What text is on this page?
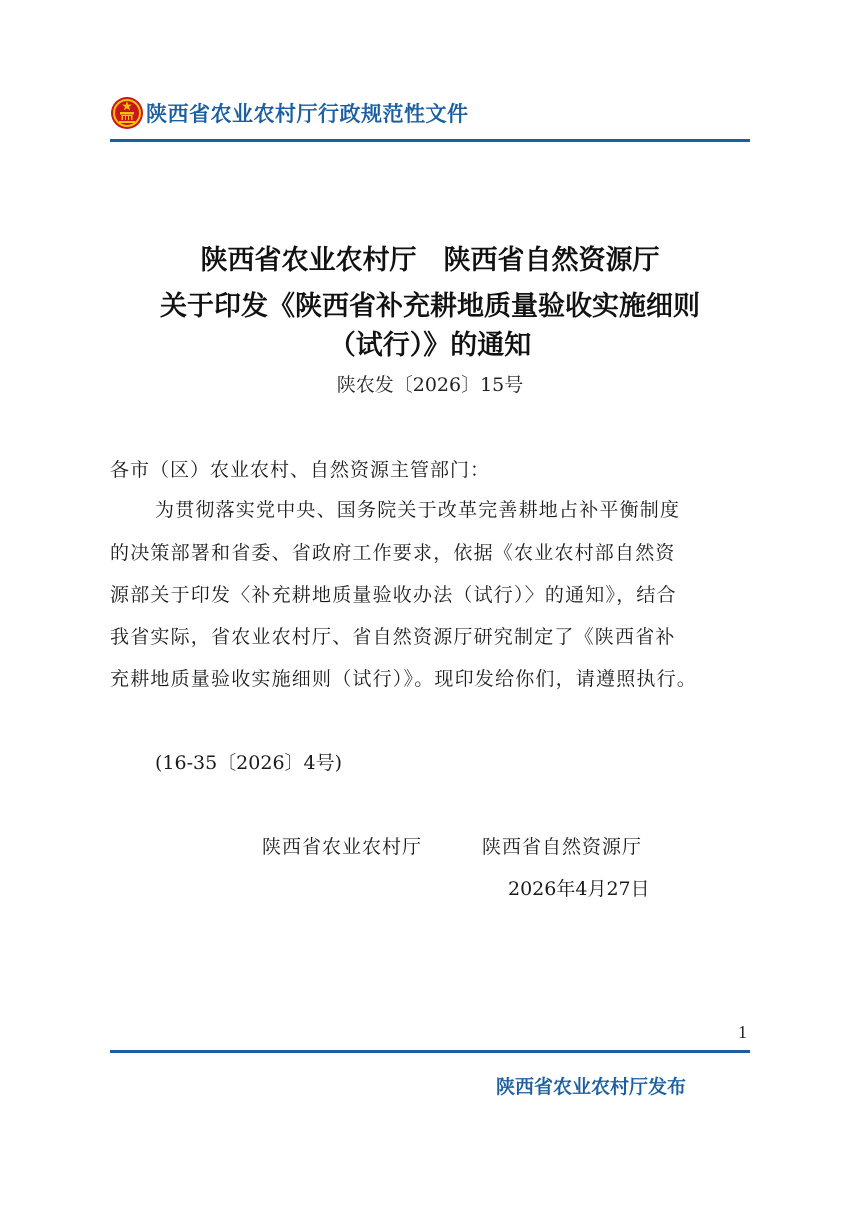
陕西省农业农村厅行政规范性文件
陕西省农业农村厅　陕西省自然资源厅
关于印发《陕西省补充耕地质量验收实施细则
（试行）》的通知
陕农发〔2026〕15号
各市（区）农业农村、自然资源主管部门：
为贯彻落实党中央、国务院关于改革完善耕地占补平衡制度
的决策部署和省委、省政府工作要求，依据《农业农村部自然资
源部关于印发〈补充耕地质量验收办法（试行）〉的通知》，结合
我省实际，省农业农村厅、省自然资源厅研究制定了《陕西省补
充耕地质量验收实施细则（试行）》。现印发给你们，请遵照执行。
(16-35〔2026〕4号)
陕西省农业农村厅　　　陕西省自然资源厅
2026年4月27日
1
陕西省农业农村厅发布
